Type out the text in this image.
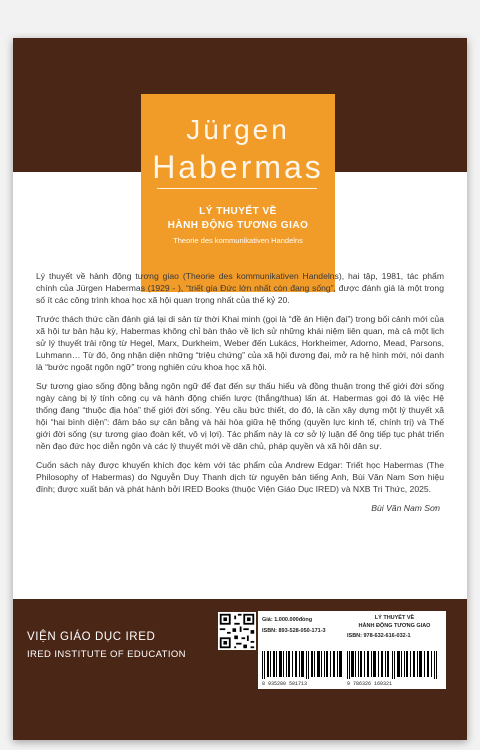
Jürgen
Habermas
LÝ THUYẾT VỀ
HÀNH ĐỘNG TƯƠNG GIAO
Theorie des kommunikativen Handelns

Lý thuyết về hành động tương giao (Theorie des kommunikativen Handelns), hai tập, 1981, tác phẩm chính của Jürgen Habermas (1929 - ), “triết gia Đức lớn nhất còn đang sống”, được đánh giá là một trong số ít các công trình khoa học xã hội quan trọng nhất của thế kỷ 20.

Trước thách thức cần đánh giá lại di sản từ thời Khai minh (gọi là “đề án Hiện đại”) trong bối cảnh mới của xã hội tư bản hậu kỳ, Habermas không chỉ bàn thảo về lịch sử những khái niệm liên quan, mà cả một lịch sử lý thuyết trải rộng từ Hegel, Marx, Durkheim, Weber đến Lukács, Horkheimer, Adorno, Mead, Parsons, Luhmann… Từ đó, ông nhận diện những “triệu chứng” của xã hội đương đại, mở ra hệ hình mới, nói danh là “bước ngoặt ngôn ngữ” trong nghiên cứu khoa học xã hội.

Sự tương giao sống động bằng ngôn ngữ để đạt đến sự thấu hiểu và đồng thuận trong thế giới đời sống ngày càng bị lý tính công cụ và hành động chiến lược (thắng/thua) lấn át. Habermas gọi đó là việc Hệ thống đang “thuộc địa hóa” thế giới đời sống. Yêu cầu bức thiết, do đó, là cần xây dựng một lý thuyết xã hội “hai bình diện”: đảm bảo sự cân bằng và hài hòa giữa hệ thống (quyền lực kinh tế, chính trị) và Thế giới đời sống (sự tương giao đoàn kết, vô vị lợi). Tác phẩm này là cơ sở lý luận để ông tiếp tục phát triển nền đạo đức học diễn ngôn và các lý thuyết mới về dân chủ, pháp quyền và xã hội dân sự.

Cuốn sách này được khuyến khích đọc kèm với tác phẩm của Andrew Edgar: Triết học Habermas (The Philosophy of Habermas) do Nguyễn Duy Thanh dịch từ nguyên bản tiếng Anh, Bùi Văn Nam Sơn hiệu đính; được xuất bản và phát hành bởi IRED Books (thuộc Viện Giáo Dục IRED) và NXB Tri Thức, 2025.

Bùi Văn Nam Sơn
VIỆN GIÁO DỤC IRED
IRED INSTITUTE OF EDUCATION
Giá: 1.000.000đồng
ISBN: 893-528-050-171-3
8 935280 501713
LÝ THUYẾT VỀ
HÀNH ĐỘNG TƯƠNG GIAO
ISBN: 978-632-616-032-1
9 786326 160321
